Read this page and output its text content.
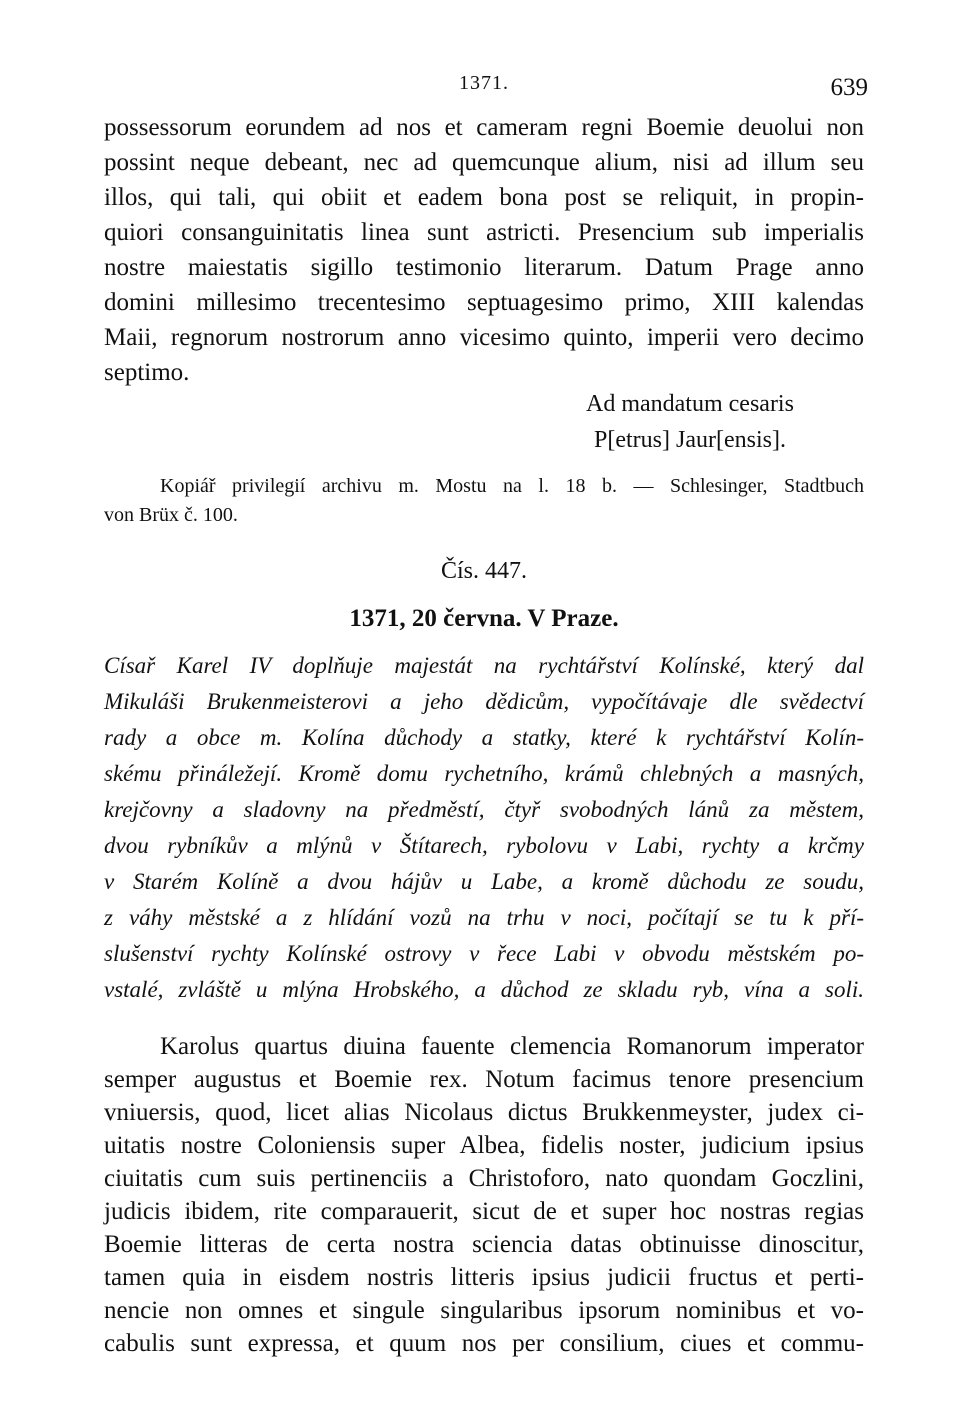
1371.	639
possessorum eorundem ad nos et cameram regni Boemie deuolui non
possint neque debeant, nec ad quemcunque alium, nisi ad illum seu
illos, qui tali, qui obiit et eadem bona post se reliquit, in propin-
quiori consanguinitatis linea sunt astricti. Presencium sub imperialis
nostre maiestatis sigillo testimonio literarum. Datum Prage anno
domini millesimo trecentesimo septuagesimo primo, XIII kalendas
Maii, regnorum nostrorum anno vicesimo quinto, imperii vero decimo
septimo.
Ad mandatum cesaris
P[etrus] Jaur[ensis].
Kopiář privilegií archivu m. Mostu na l. 18 b. — Schlesinger, Stadtbuch
von Brüx č. 100.
Čís. 447.
1371, 20 června. V Praze.
Císař Karel IV doplňuje majestát na rychtářství Kolínské, který dal
Mikuláši Brukenmeisterovi a jeho dědicům, vypočítávaje dle svědectví
rady a obce m. Kolína důchody a statky, které k rychtářství Kolín-
skému přináležejí. Kromě domu rychetního, krámů chlebných a masných,
krejčovny a sladovny na předměstí, čtyř svobodných lánů za městem,
dvou rybníkův a mlýnů v Štítarech, rybolovu v Labi, rychty a krčmy
v Starém Kolíně a dvou hájův u Labe, a kromě důchodu ze soudu,
z váhy městské a z hlídání vozů na trhu v noci, počítají se tu k pří-
slušenství rychty Kolínské ostrovy v řece Labi v obvodu městském po-
vstalé, zvláště u mlýna Hrobského, a důchod ze skladu ryb, vína a soli.
Karolus quartus diuina fauente clemencia Romanorum imperator
semper augustus et Boemie rex. Notum facimus tenore presencium
vniuersis, quod, licet alias Nicolaus dictus Brukkenmeyster, judex ci-
uitatis nostre Coloniensis super Albea, fidelis noster, judicium ipsius
ciuitatis cum suis pertinenciis a Christoforo, nato quondam Goczlini,
judicis ibidem, rite comparauerit, sicut de et super hoc nostras regias
Boemie litteras de certa nostra sciencia datas obtinuisse dinoscitur,
tamen quia in eisdem nostris litteris ipsius judicii fructus et perti-
nencie non omnes et singule singularibus ipsorum nominibus et vo-
cabulis sunt expressa, et quum nos per consilium, ciues et commu-
